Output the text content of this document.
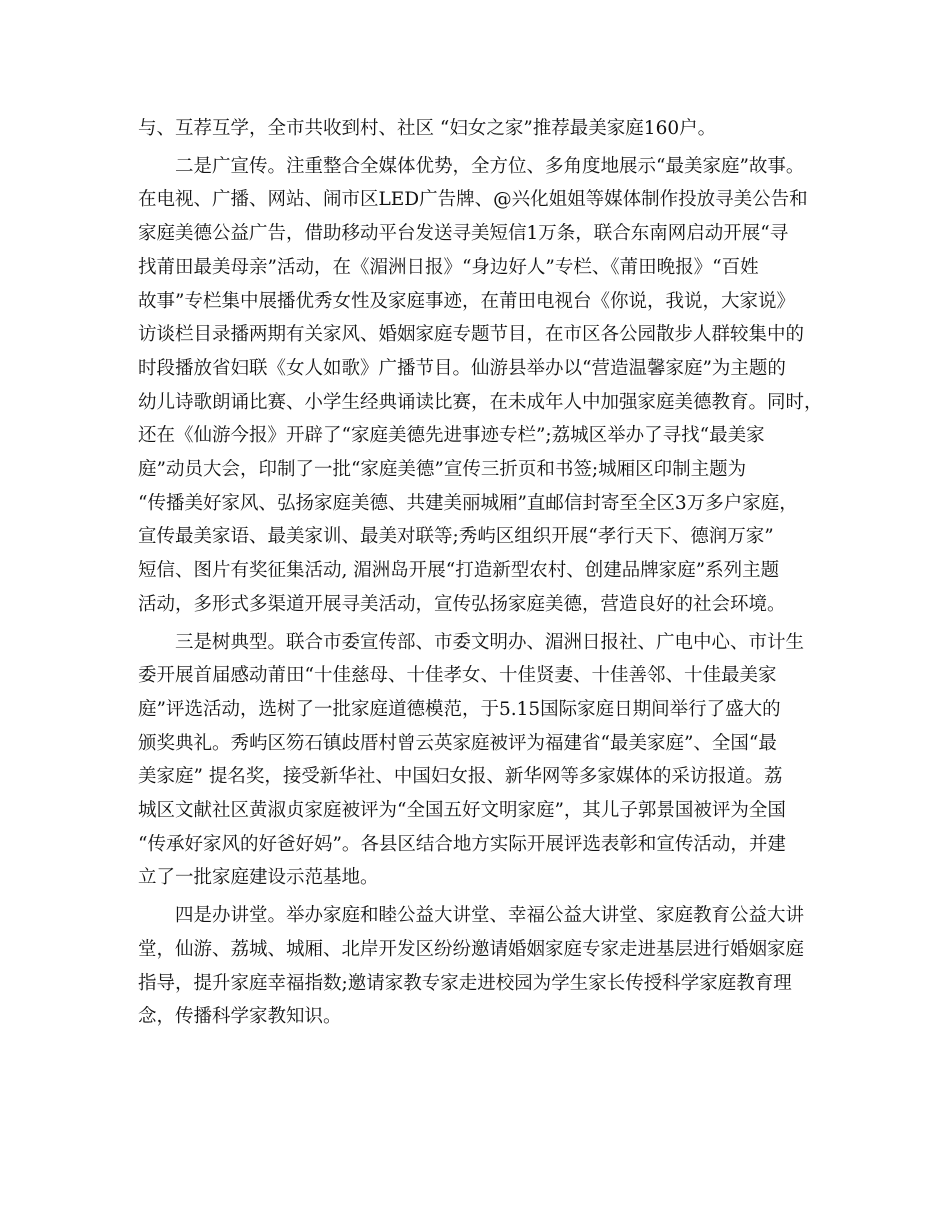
与、互荐互学，全市共收到村、社区 “妇女之家”推荐最美家庭160户。
　　二是广宣传。注重整合全媒体优势，全方位、多角度地展示“最美家庭”故事。
在电视、广播、网站、闹市区LED广告牌、@兴化姐姐等媒体制作投放寻美公告和
家庭美德公益广告，借助移动平台发送寻美短信1万条，联合东南网启动开展“寻
找莆田最美母亲”活动，在《湄洲日报》“身边好人”专栏、《莆田晚报》“百姓
故事”专栏集中展播优秀女性及家庭事迹，在莆田电视台《你说，我说，大家说》
访谈栏目录播两期有关家风、婚姻家庭专题节目，在市区各公园散步人群较集中的
时段播放省妇联《女人如歌》广播节目。仙游县举办以“营造温馨家庭”为主题的
幼儿诗歌朗诵比赛、小学生经典诵读比赛，在未成年人中加强家庭美德教育。同时，
还在《仙游今报》开辟了“家庭美德先进事迹专栏”;荔城区举办了寻找“最美家
庭”动员大会，印制了一批“家庭美德”宣传三折页和书签;城厢区印制主题为
“传播美好家风、弘扬家庭美德、共建美丽城厢”直邮信封寄至全区3万多户家庭，
宣传最美家语、最美家训、最美对联等;秀屿区组织开展“孝行天下、德润万家”
短信、图片有奖征集活动, 湄洲岛开展“打造新型农村、创建品牌家庭”系列主题
活动，多形式多渠道开展寻美活动，宣传弘扬家庭美德，营造良好的社会环境。
　　三是树典型。联合市委宣传部、市委文明办、湄洲日报社、广电中心、市计生
委开展首届感动莆田“十佳慈母、十佳孝女、十佳贤妻、十佳善邻、十佳最美家
庭”评选活动，选树了一批家庭道德模范，于5.15国际家庭日期间举行了盛大的
颁奖典礼。秀屿区笏石镇歧厝村曾云英家庭被评为福建省“最美家庭”、全国“最
美家庭” 提名奖，接受新华社、中国妇女报、新华网等多家媒体的采访报道。荔
城区文献社区黄淑贞家庭被评为“全国五好文明家庭”，其儿子郭景国被评为全国
“传承好家风的好爸好妈”。各县区结合地方实际开展评选表彰和宣传活动，并建
立了一批家庭建设示范基地。
　　四是办讲堂。举办家庭和睦公益大讲堂、幸福公益大讲堂、家庭教育公益大讲
堂，仙游、荔城、城厢、北岸开发区纷纷邀请婚姻家庭专家走进基层进行婚姻家庭
指导，提升家庭幸福指数;邀请家教专家走进校园为学生家长传授科学家庭教育理
念，传播科学家教知识。
